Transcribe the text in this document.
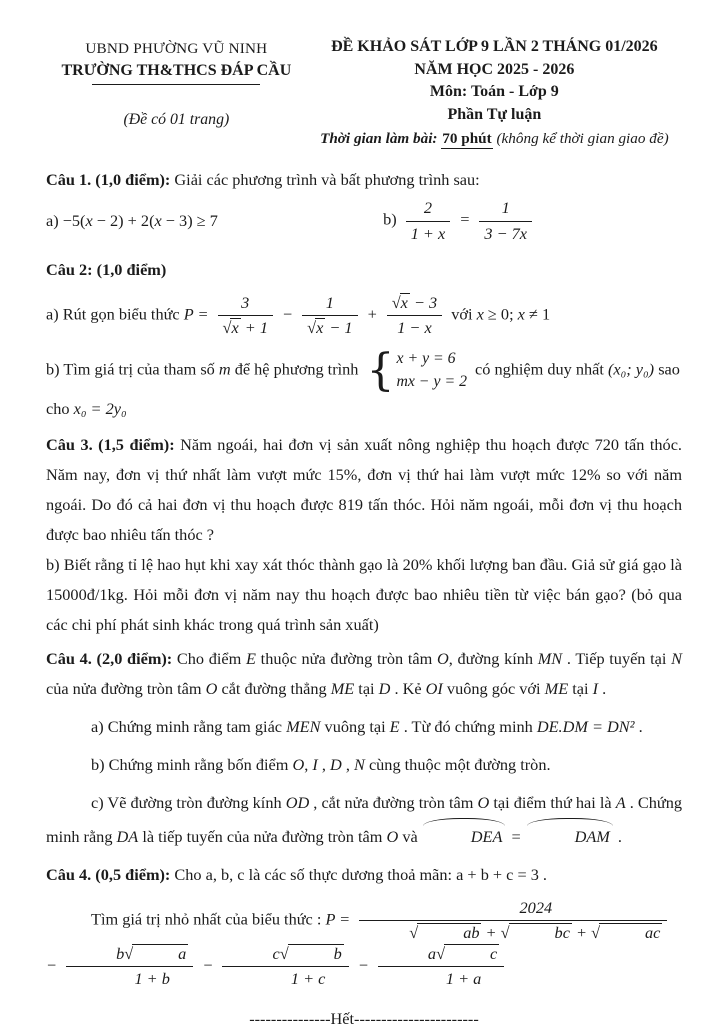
UBND PHƯỜNG VŨ NINH
TRƯỜNG TH&THCS ĐÁP CẦU
(Đề có 01 trang)
ĐỀ KHẢO SÁT LỚP 9 LẦN 2 THÁNG 01/2026
NĂM HỌC 2025 - 2026
Môn: Toán - Lớp 9
Phần Tự luận
Thời gian làm bài: 70 phút (không kể thời gian giao đề)

Câu 1. (1,0 điểm): Giải các phương trình và bất phương trình sau:

a) −5(x − 2) + 2(x − 3) ≥ 7	$b) \frac{2}{1 + x} = \frac{1}{3 - 7x}$

Câu 2: (1,0 điểm)

a) Rút gọn biểu thức P = 3
√ x + 1 − 1
√ x − 1 + √ $\frac{x - 3}{1 - x}$ với x ≥ 0; x ≠ 1
b) Tìm giá trị của tham số m để hệ phương trình { x + y = 6
mx − y = 2
có nghiệm duy nhất (x₀; y₀) sao cho x₀ = 2y₀

Câu 3. (1,5 điểm): Năm ngoái, hai đơn vị sản xuất nông nghiệp thu hoạch được 720 tấn thóc. Năm nay, đơn vị thứ nhất làm vượt mức 15%, đơn vị thứ hai làm vượt mức 12% so với năm ngoái. Do đó cả hai đơn vị thu hoạch được 819 tấn thóc. Hỏi năm ngoái, mỗi đơn vị thu hoạch được bao nhiêu tấn thóc ?

b) Biết rằng tỉ lệ hao hụt khi xay xát thóc thành gạo là 20% khối lượng ban đầu. Giả sử giá gạo là 15000đ/1kg. Hỏi mỗi đơn vị năm nay thu hoạch được bao nhiêu tiền từ việc bán gạo? (bỏ qua các chi phí phát sinh khác trong quá trình sản xuất)

Câu 4. (2,0 điểm): Cho điểm E thuộc nửa đường tròn tâm O, đường kính MN . Tiếp tuyến tại N của nửa đường tròn tâm O cắt đường thẳng ME tại D . Kẻ OI vuông góc với ME tại I .

a) Chứng minh rằng tam giác MEN vuông tại E . Từ đó chứng minh DE.DM = DN² .

b) Chứng minh rằng bốn điểm O, I , D , N cùng thuộc một đường tròn.

c) Vẽ đường tròn đường kính OD , cắt nửa đường tròn tâm O tại điểm thứ hai là A . Chứng minh rằng DA là tiếp tuyến của nửa đường tròn tâm O và	DEA =	DAM .

Câu 4. (0,5 điểm): Cho a, b, c là các số thực dương thoả mãn: a + b + c = 3 .

Tìm giá trị nhỏ nhất của biểu thức : P = 2024
√ ab +	√ bc +	√ ac
− b	√ a
1 + b − c	√ b
1 + c − a	√ c
1 + a

---------------Hết-----------------------
